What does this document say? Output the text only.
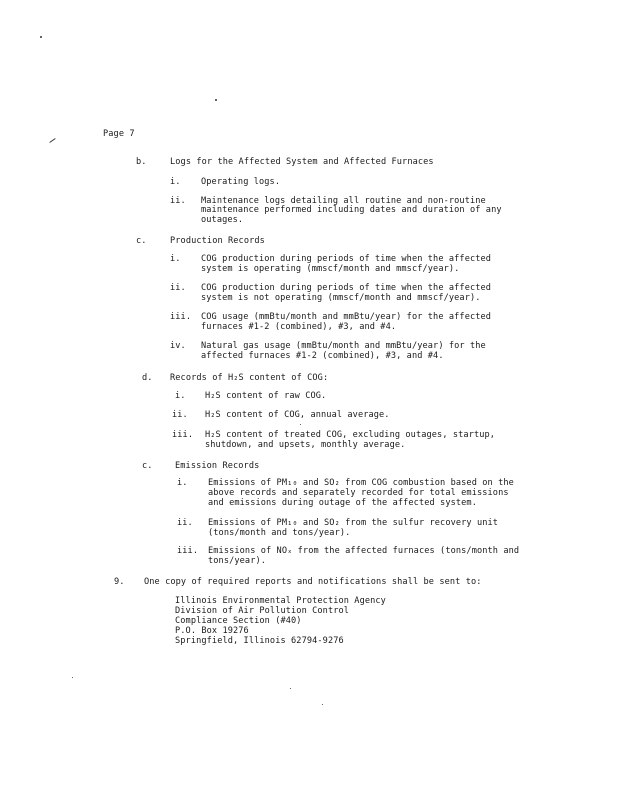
Page 7
b.	Logs for the Affected System and Affected Furnaces
i. Operating logs.
ii. Maintenance logs detailing all routine and non-routine
maintenance performed including dates and duration of any
outages.
c.	Production Records
i. COG production during periods of time when the affected
system is operating (mmscf/month and mmscf/year).
ii. COG production during periods of time when the affected
system is not operating (mmscf/month and mmscf/year).
iii. COG usage (mmBtu/month and mmBtu/year) for the affected
furnaces #1-2 (combined), #3, and #4.
iv. Natural gas usage (mmBtu/month and mmBtu/year) for the
affected furnaces #1-2 (combined), #3, and #4.
d. Records of H₂S content of COG:
i. H₂S content of raw COG.
ii. H₂S content of COG, annual average.
iii. H₂S content of treated COG, excluding outages, startup,
shutdown, and upsets, monthly average.
c.	Emission Records
i. Emissions of PM₁₀ and SO₂ from COG combustion based on the
above records and separately recorded for total emissions
and emissions during outage of the affected system.
ii. Emissions of PM₁₀ and SO₂ from the sulfur recovery unit
(tons/month and tons/year).
iii. Emissions of NOₓ from the affected furnaces (tons/month and
tons/year).
9. One copy of required reports and notifications shall be sent to:
Illinois Environmental Protection Agency
Division of Air Pollution Control
Compliance Section (#40)
P.O. Box 19276
Springfield, Illinois 62794-9276
